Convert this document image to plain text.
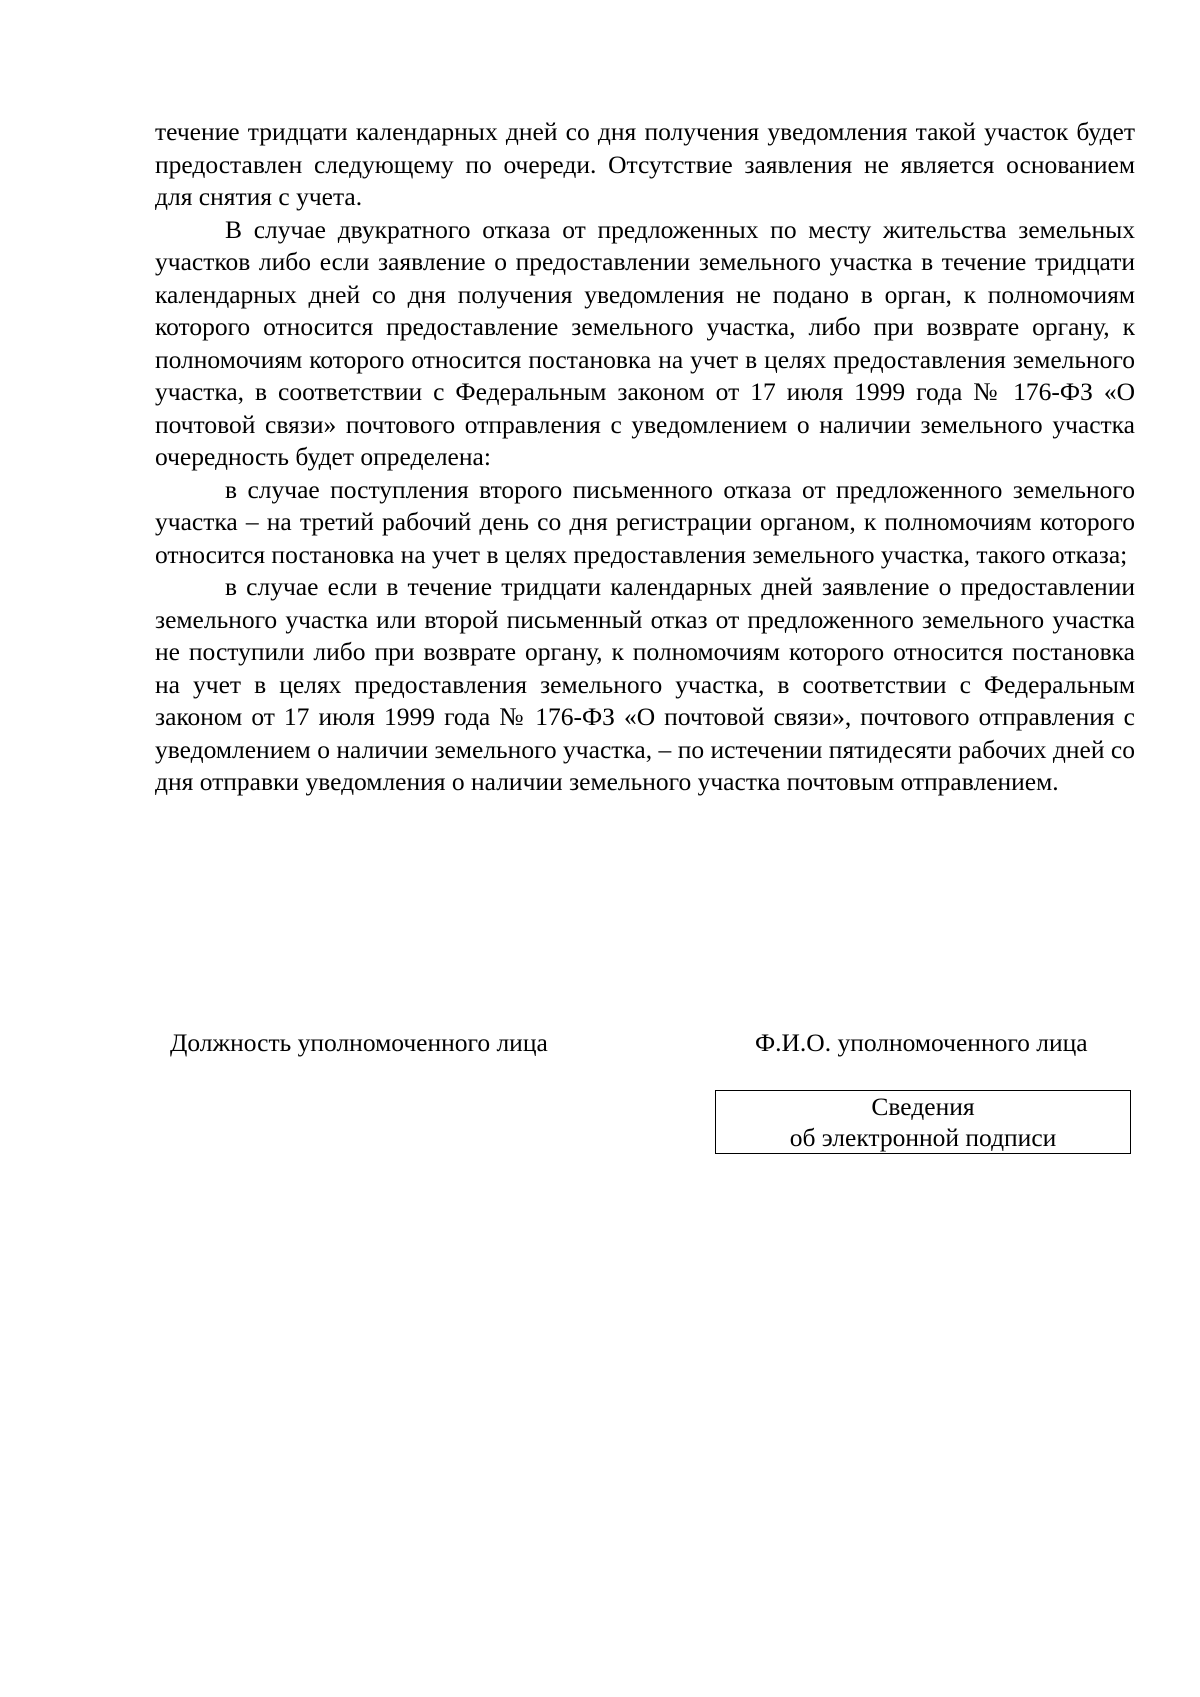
течение тридцати календарных дней со дня получения уведомления такой участок будет предоставлен следующему по очереди. Отсутствие заявления не является основанием для снятия с учета.

В случае двукратного отказа от предложенных по месту жительства земельных участков либо если заявление о предоставлении земельного участка в течение тридцати календарных дней со дня получения уведомления не подано в орган, к полномочиям которого относится предоставление земельного участка, либо при возврате органу, к полномочиям которого относится постановка на учет в целях предоставления земельного участка, в соответствии с Федеральным законом от 17 июля 1999 года № 176-ФЗ «О почтовой связи» почтового отправления с уведомлением о наличии земельного участка очередность будет определена:

в случае поступления второго письменного отказа от предложенного земельного участка – на третий рабочий день со дня регистрации органом, к полномочиям которого относится постановка на учет в целях предоставления земельного участка, такого отказа;

в случае если в течение тридцати календарных дней заявление о предоставлении земельного участка или второй письменный отказ от предложенного земельного участка не поступили либо при возврате органу, к полномочиям которого относится постановка на учет в целях предоставления земельного участка, в соответствии с Федеральным законом от 17 июля 1999 года № 176-ФЗ «О почтовой связи», почтового отправления с уведомлением о наличии земельного участка, – по истечении пятидесяти рабочих дней со дня отправки уведомления о наличии земельного участка почтовым отправлением.

Должность уполномоченного лица	Ф.И.О. уполномоченного лица
Сведения
об электронной подписи
